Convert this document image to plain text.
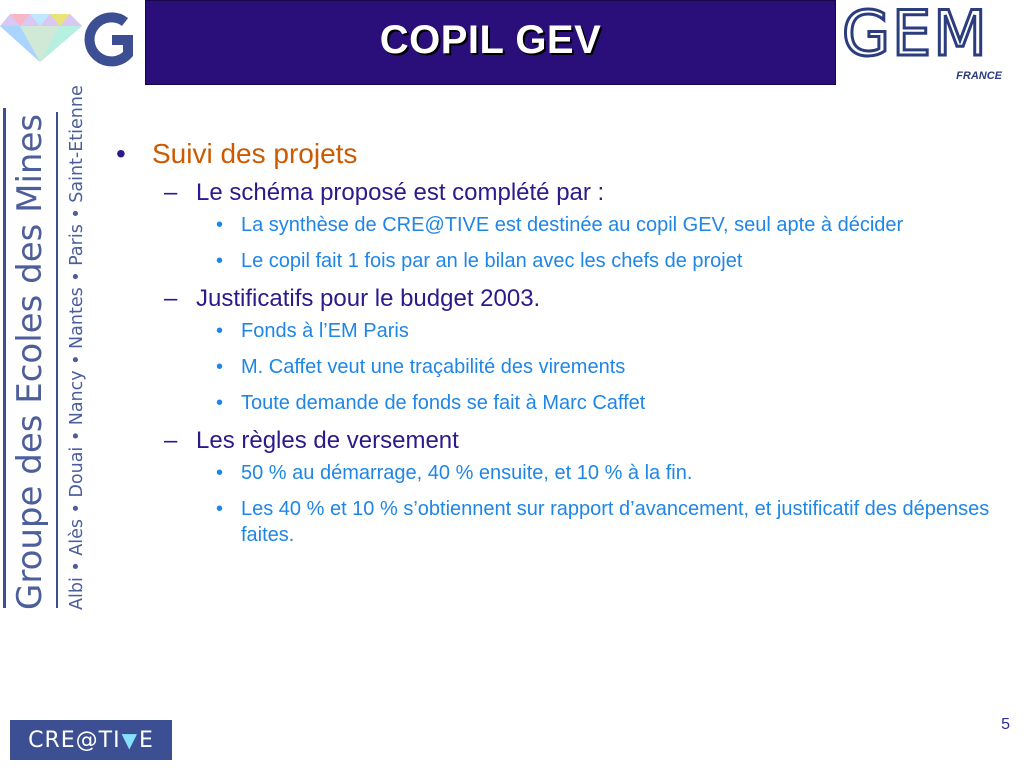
COPIL GEV	GEM
FRANCE
Groupe des Ecoles des Mines Albi • Alès • Douai • Nancy • Nantes • Paris • Saint-Etienne • Suivi des projets
– Le schéma proposé est complété par :
• La synthèse de CRE@TIVE est destinée au copil GEV, seul apte à décider
• Le copil fait 1 fois par an le bilan avec les chefs de projet
– Justificatifs pour le budget 2003.
• Fonds à l’EM Paris
• M. Caffet veut une traçabilité des virements
• Toute demande de fonds se fait à Marc Caffet
– Les règles de versement
• 50 % au démarrage, 40 % ensuite, et 10 % à la fin.
• Les 40 % et 10 % s’obtiennent sur rapport d’avancement, et justificatif des dépenses faites.
CRE@TI ▼ E
5
